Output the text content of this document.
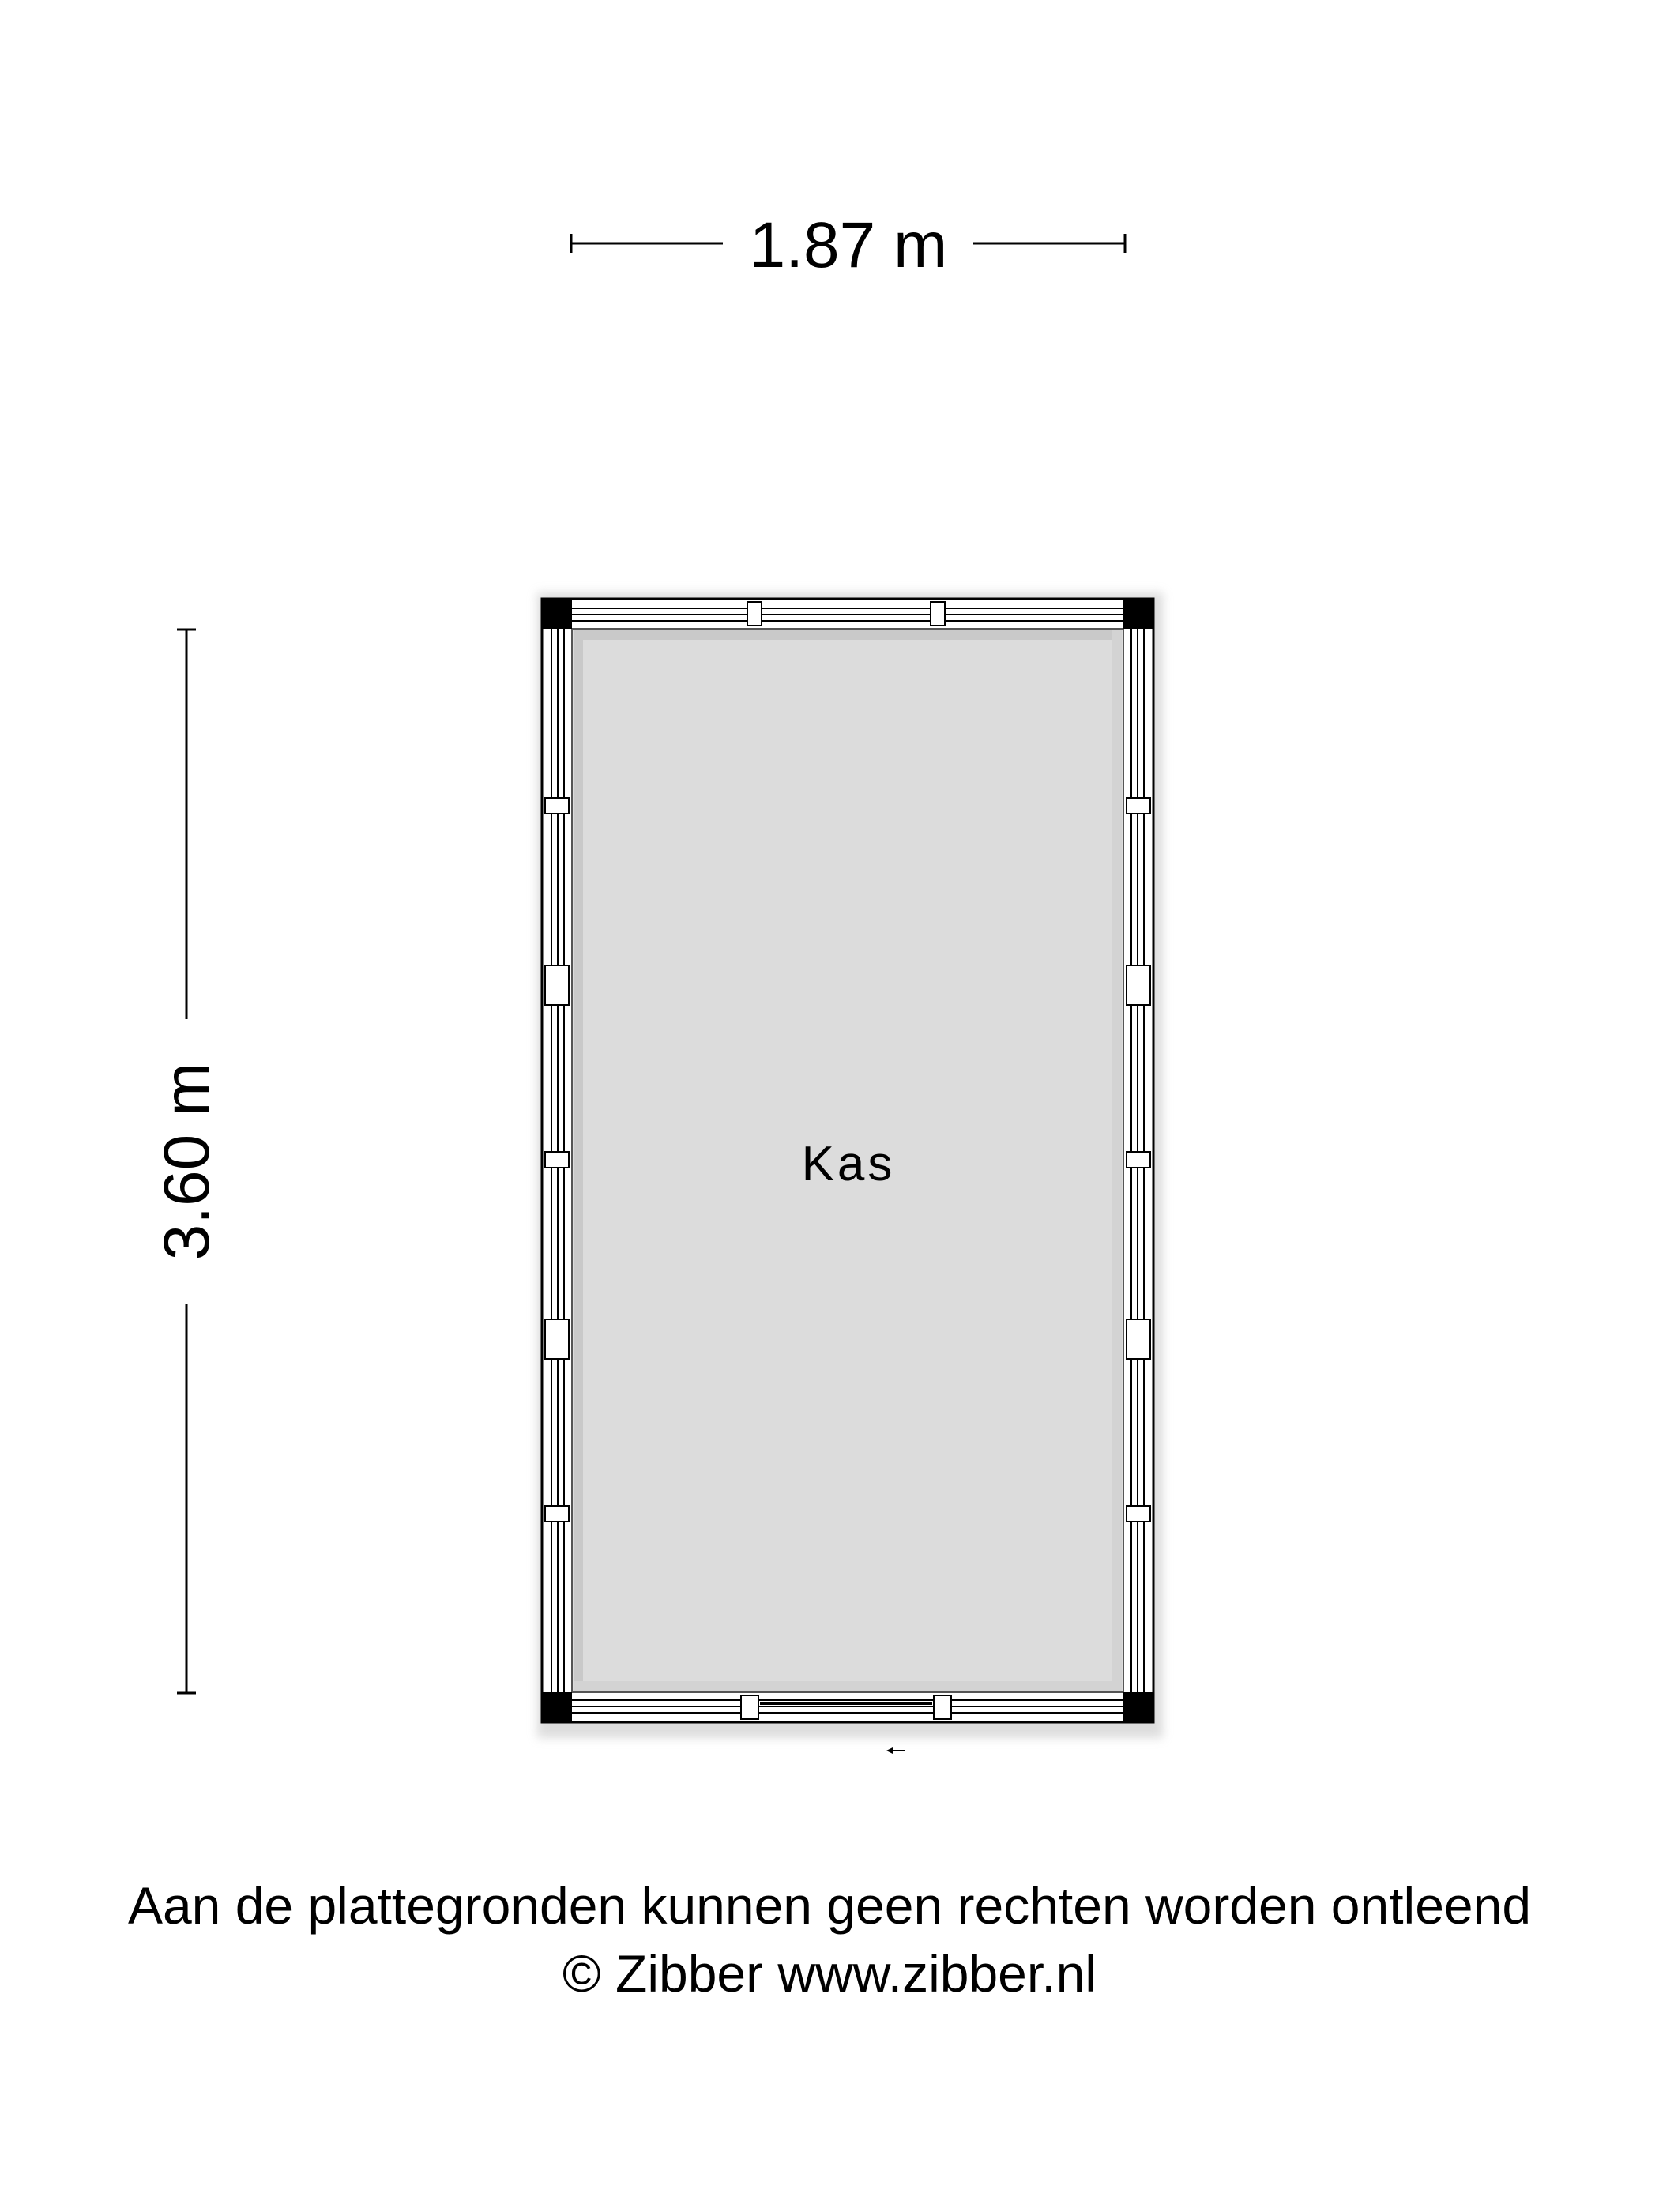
1.87 m
3.60 m	Kas
Aan de plattegronden kunnen geen rechten worden ontleend
© Zibber www.zibber.nl
